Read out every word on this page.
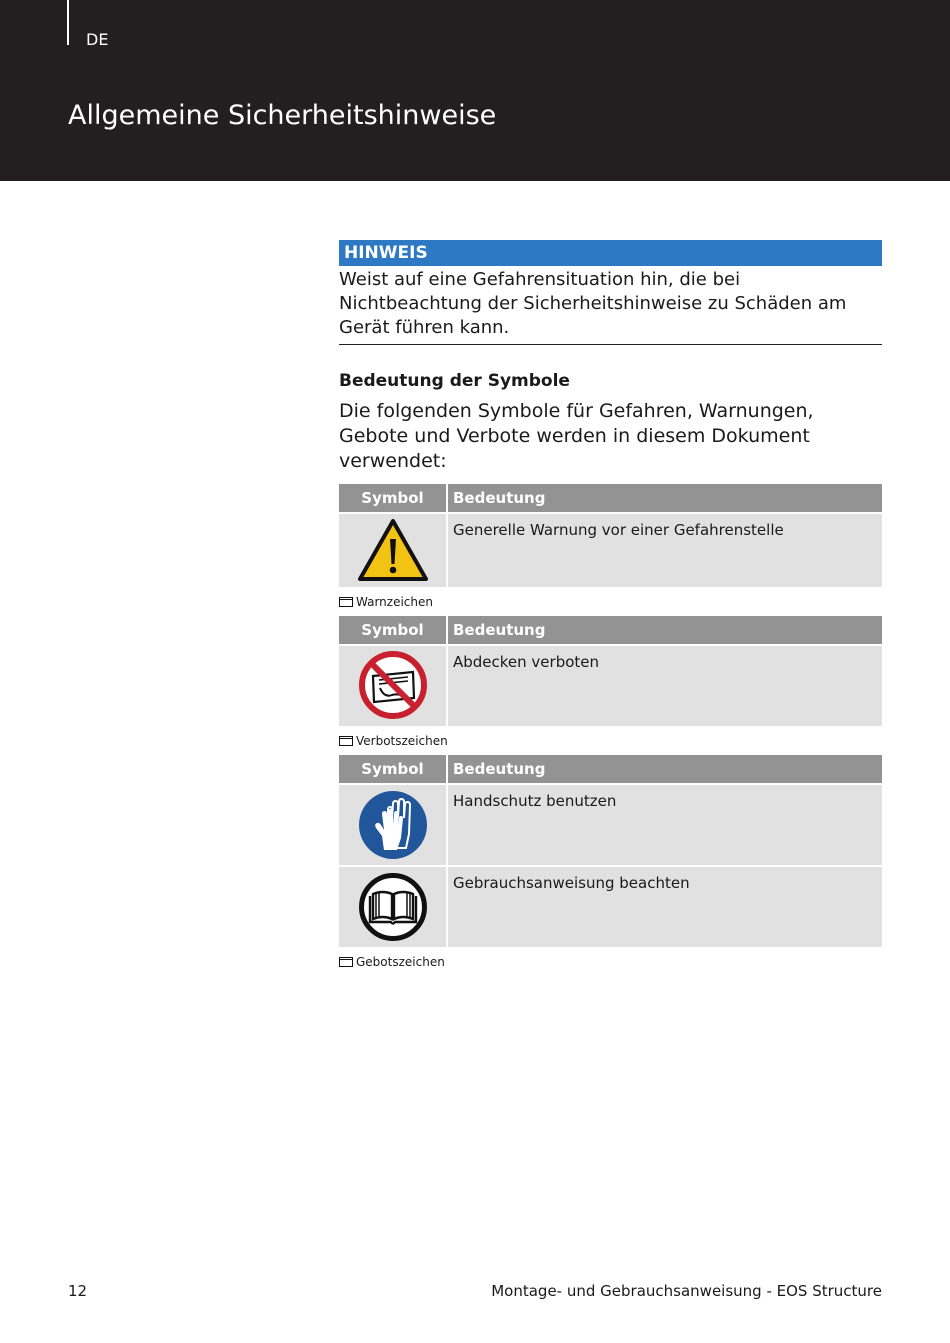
DE
Allgemeine Sicherheitshinweise
HINWEIS
Weist auf eine Gefahrensituation hin, die bei Nichtbeachtung der Sicherheitshinweise zu Schäden am Gerät führen kann.
Bedeutung der Symbole
Die folgenden Symbole für Gefahren, Warnungen, Gebote und Verbote werden in diesem Dokument verwendet:
Symbol	Bedeutung
	Generelle Warnung vor einer Gefahrenstelle
Warnzeichen
Symbol	Bedeutung
	Abdecken verboten
Verbotszeichen
Symbol	Bedeutung
	Handschutz benutzen
	Gebrauchsanweisung beachten
Gebotszeichen
12	Montage- und Gebrauchsanweisung - EOS Structure
